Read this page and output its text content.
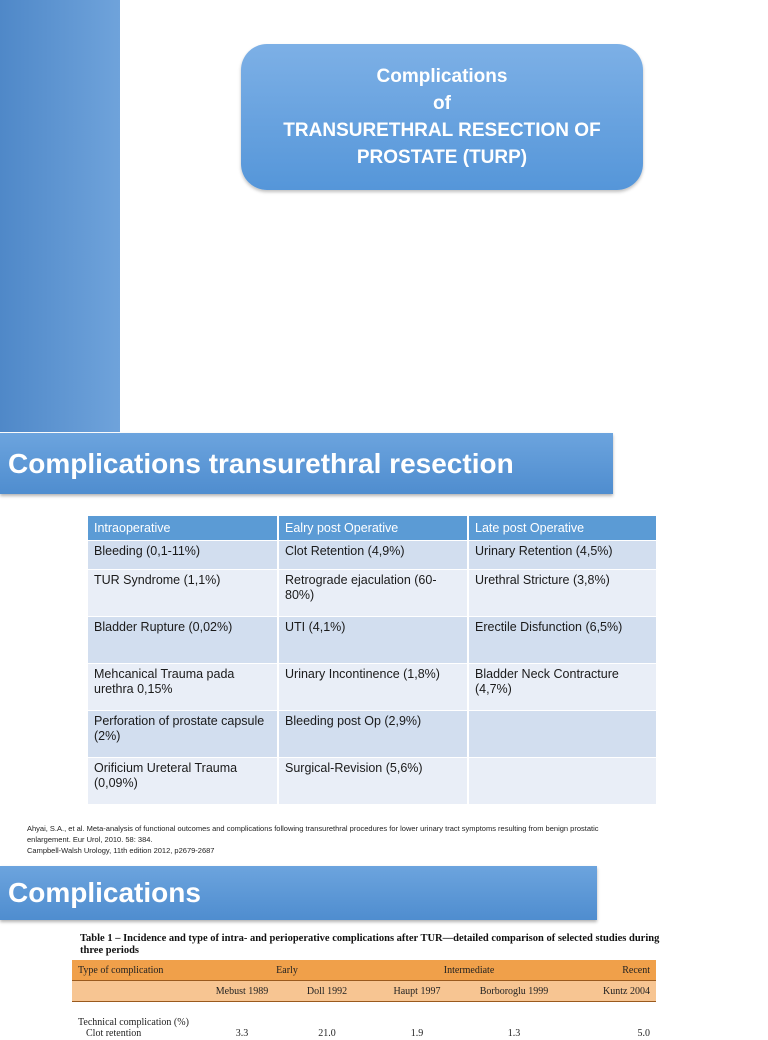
Complications
of
TRANSURETHRAL RESECTION OF
PROSTATE (TURP)
Complications transurethral resection
Intraoperative	Ealry post Operative	Late post Operative
Bleeding (0,1-11%)	Clot Retention (4,9%)	Urinary Retention (4,5%)
TUR Syndrome (1,1%)	Retrograde ejaculation (60-80%)	Urethral Stricture (3,8%)
Bladder Rupture (0,02%)	UTI (4,1%)	Erectile Disfunction (6,5%)
Mehcanical Trauma pada urethra 0,15%	Urinary Incontinence (1,8%)	Bladder Neck Contracture (4,7%)
Perforation of prostate capsule (2%)	Bleeding post Op (2,9%)	
Orificium Ureteral Trauma (0,09%)	Surgical-Revision (5,6%)	
Ahyai, S.A., et al. Meta-analysis of functional outcomes and complications following transurethral procedures for lower urinary tract symptoms resulting from benign prostatic
enlargement. Eur Urol, 2010. 58: 384.
Campbell-Walsh Urology, 11th edition 2012, p2679-2687
Complications
Table 1 – Incidence and type of intra- and perioperative complications after TUR—detailed comparison of selected studies during three periods
Type of complication	Early		Intermediate		Recent
	Mebust 1989	Doll 1992	Haupt 1997	Borboroglu 1999	Kuntz 2004
Technical complication (%)					
Clot retention	3.3	21.0	1.9	1.3	5.0
